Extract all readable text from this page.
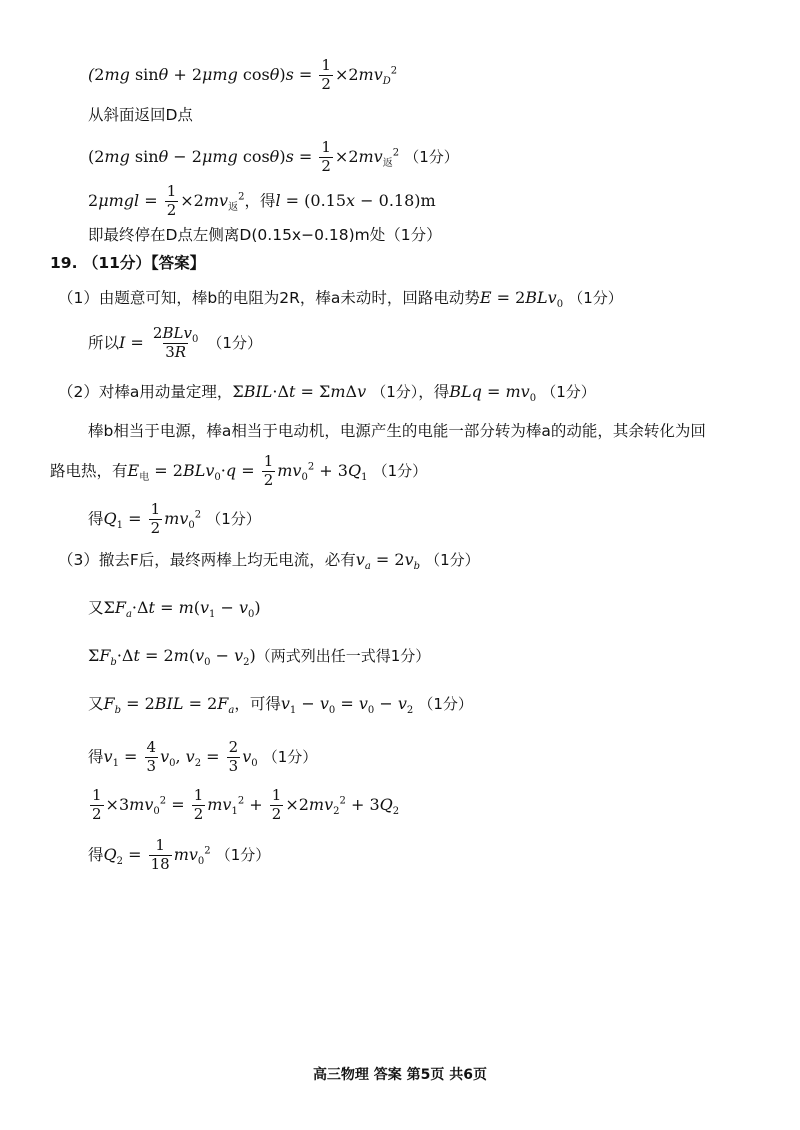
(2mg sinθ + 2μmg $\cos\theta)s = \frac{1}{2} \times 2mv_D^2$
从斜面返回D点
(2mg sinθ − 2μmg $\cos\theta)s = \frac{1}{2} \times 2mv_返^2$ （1分）
$2\mu mgl = \frac{1}{2} \times 2mv_返^2$，得l = (0.15x − 0.18)m
即最终停在D点左侧离D(0.15x−0.18)m处（1分）
19. （11分）【答案】
（1）由题意可知，棒b的电阻为2R，棒a未动时，回路电动势E = 2BLv$_0$ （1分）
所以$I = \frac{2BLv_0}{3R} (1$分）
（2）对棒a用动量定理，ΣBIL·Δt = ΣmΔv （1分），得BLq = $mv_0$ （1分）
棒b相当于电源，棒a相当于电动机，电源产生的电能一部分转为棒a的动能，其余转化为回
路电热，有$E_电 = 2BLv_0\cdot q = \frac{1}{2} mv_0^2 + 3Q_1$ （1分）
得$Q_1 = \frac{1}{2} mv_0^2$ （1分）
（3）撤去F后，最终两棒上均无电流，必有$v_a = 2v_b$ （1分）
又$\Sigma F_a\cdot\Delta t = m(v_1 - v_0)$
$\Sigma F_b\cdot\Delta t = 2m(v_0 - v_2)$（两式列出任一式得1分）
又$F_b = 2BIL = 2F_a$，可得$v_1 - v_0 = v_0 - v_2$ （1分）
得$v_1 = \frac{4}{3} v_0$, $v_2 = \frac{2}{3} v_0$ （1分）
$\frac{1}{2} \times 3mv_0^2 = \frac{1}{2} mv_1^2 + \frac{1}{2} \times 2mv_2^2 + 3Q_2$
得$Q_2 = \frac{1}{18} mv_0^2$ （1分）
高三物理 答案 第5页 共6页
